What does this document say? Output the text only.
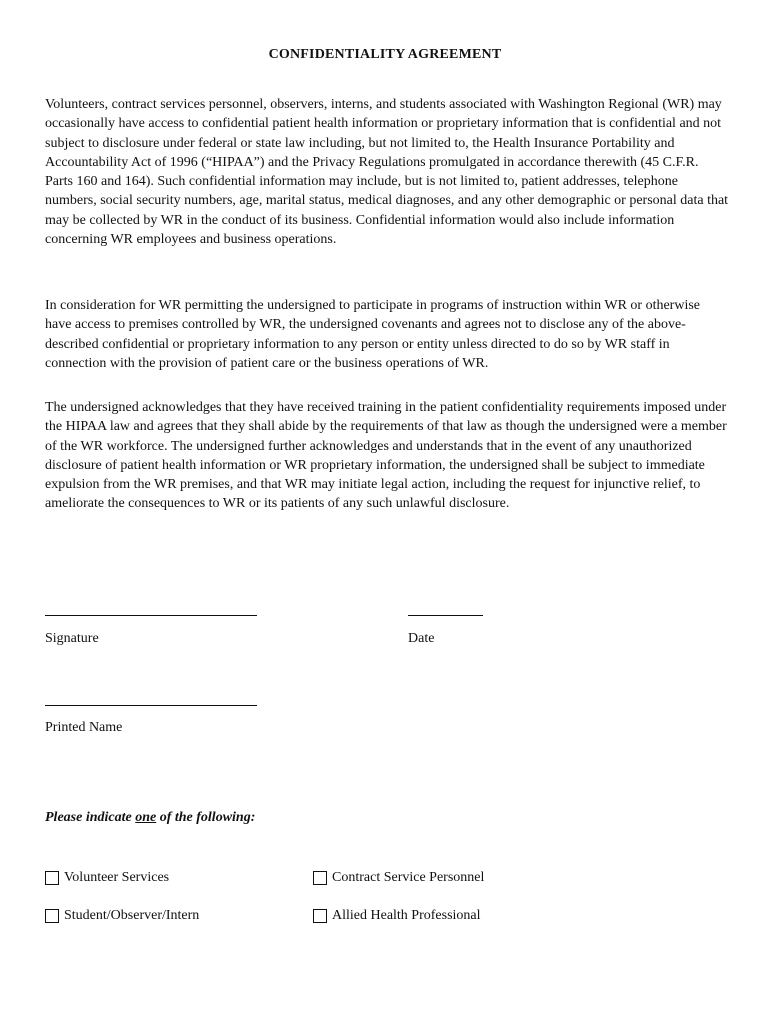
CONFIDENTIALITY AGREEMENT

Volunteers, contract services personnel, observers, interns, and students associated with Washington Regional (WR) may occasionally have access to confidential patient health information or proprietary information that is confidential and not subject to disclosure under federal or state law including, but not limited to, the Health Insurance Portability and Accountability Act of 1996 (“HIPAA”) and the Privacy Regulations promulgated in accordance therewith (45 C.F.R. Parts 160 and 164). Such confidential information may include, but is not limited to, patient addresses, telephone numbers, social security numbers, age, marital status, medical diagnoses, and any other demographic or personal data that may be collected by WR in the conduct of its business. Confidential information would also include information concerning WR employees and business operations.

In consideration for WR permitting the undersigned to participate in programs of instruction within WR or otherwise have access to premises controlled by WR, the undersigned covenants and agrees not to disclose any of the above-described confidential or proprietary information to any person or entity unless directed to do so by WR staff in connection with the provision of patient care or the business operations of WR.

The undersigned acknowledges that they have received training in the patient confidentiality requirements imposed under the HIPAA law and agrees that they shall abide by the requirements of that law as though the undersigned were a member of the WR workforce. The undersigned further acknowledges and understands that in the event of any unauthorized disclosure of patient health information or WR proprietary information, the undersigned shall be subject to immediate expulsion from the WR premises, and that WR may initiate legal action, including the request for injunctive relief, to ameliorate the consequences to WR or its patients of any such unlawful disclosure.

Signature	Date
Printed Name
Please indicate one of the following:
Volunteer Services	Contract Service Personnel
Student/Observer/Intern	Allied Health Professional
